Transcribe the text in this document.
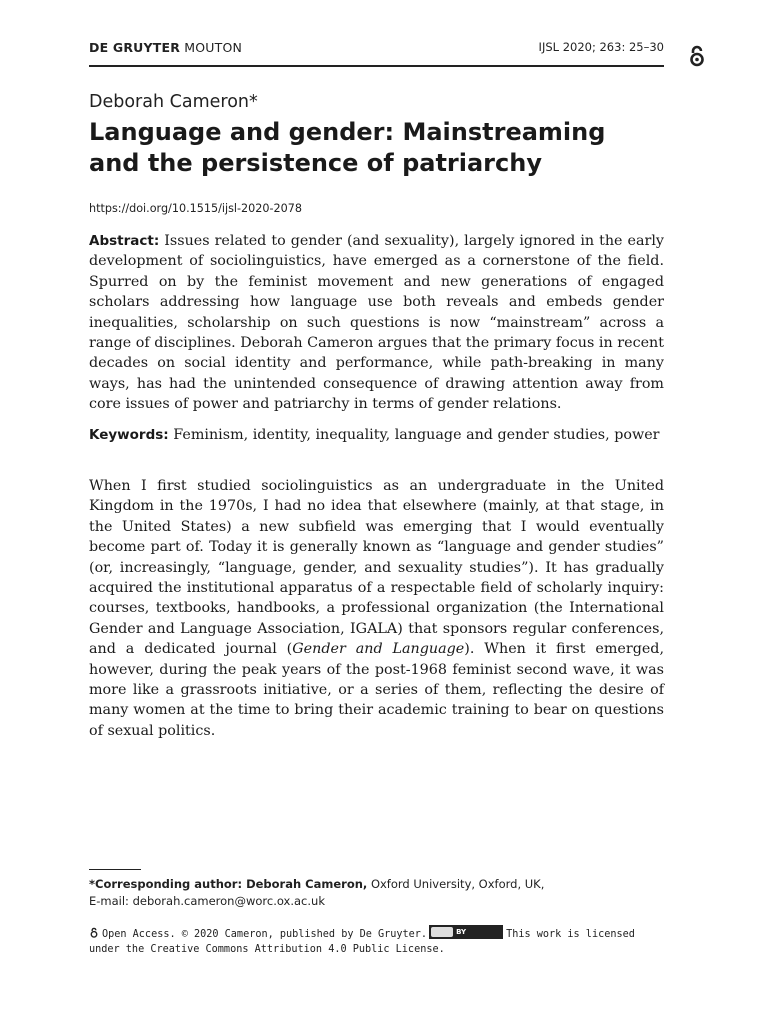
DE GRUYTER MOUTON	IJSL 2020; 263: 25–30
Deborah Cameron*
Language and gender: Mainstreaming
and the persistence of patriarchy
https://doi.org/10.1515/ijsl-2020-2078
Abstract: Issues related to gender (and sexuality), largely ignored in the early development of sociolinguistics, have emerged as a cornerstone of the field. Spurred on by the feminist movement and new generations of engaged scholars addressing how language use both reveals and embeds gender inequalities, scholarship on such questions is now “mainstream” across a range of disciplines. Deborah Cameron argues that the primary focus in recent decades on social identity and performance, while path-breaking in many ways, has had the unintended consequence of drawing attention away from core issues of power and patriarchy in terms of gender relations.
Keywords: Feminism, identity, inequality, language and gender studies, power
When I first studied sociolinguistics as an undergraduate in the United Kingdom in the 1970s, I had no idea that elsewhere (mainly, at that stage, in the United States) a new subfield was emerging that I would eventually become part of. Today it is generally known as “language and gender studies” (or, increasingly, “language, gender, and sexuality studies”). It has gradually acquired the institutional apparatus of a respectable field of scholarly inquiry: courses, textbooks, handbooks, a professional organization (the International Gender and Language Association, IGALA) that sponsors regular conferences, and a dedicated journal (Gender and Language). When it first emerged, however, during the peak years of the post-1968 feminist second wave, it was more like a grassroots initiative, or a series of them, reflecting the desire of many women at the time to bring their academic training to bear on questions of sexual politics.
*Corresponding author: Deborah Cameron, Oxford University, Oxford, UK,
E-mail: deborah.cameron@worc.ox.ac.uk
Open Access. © 2020 Cameron, published by De Gruyter.	BY	This work is licensed under the Creative Commons Attribution 4.0 Public License.
